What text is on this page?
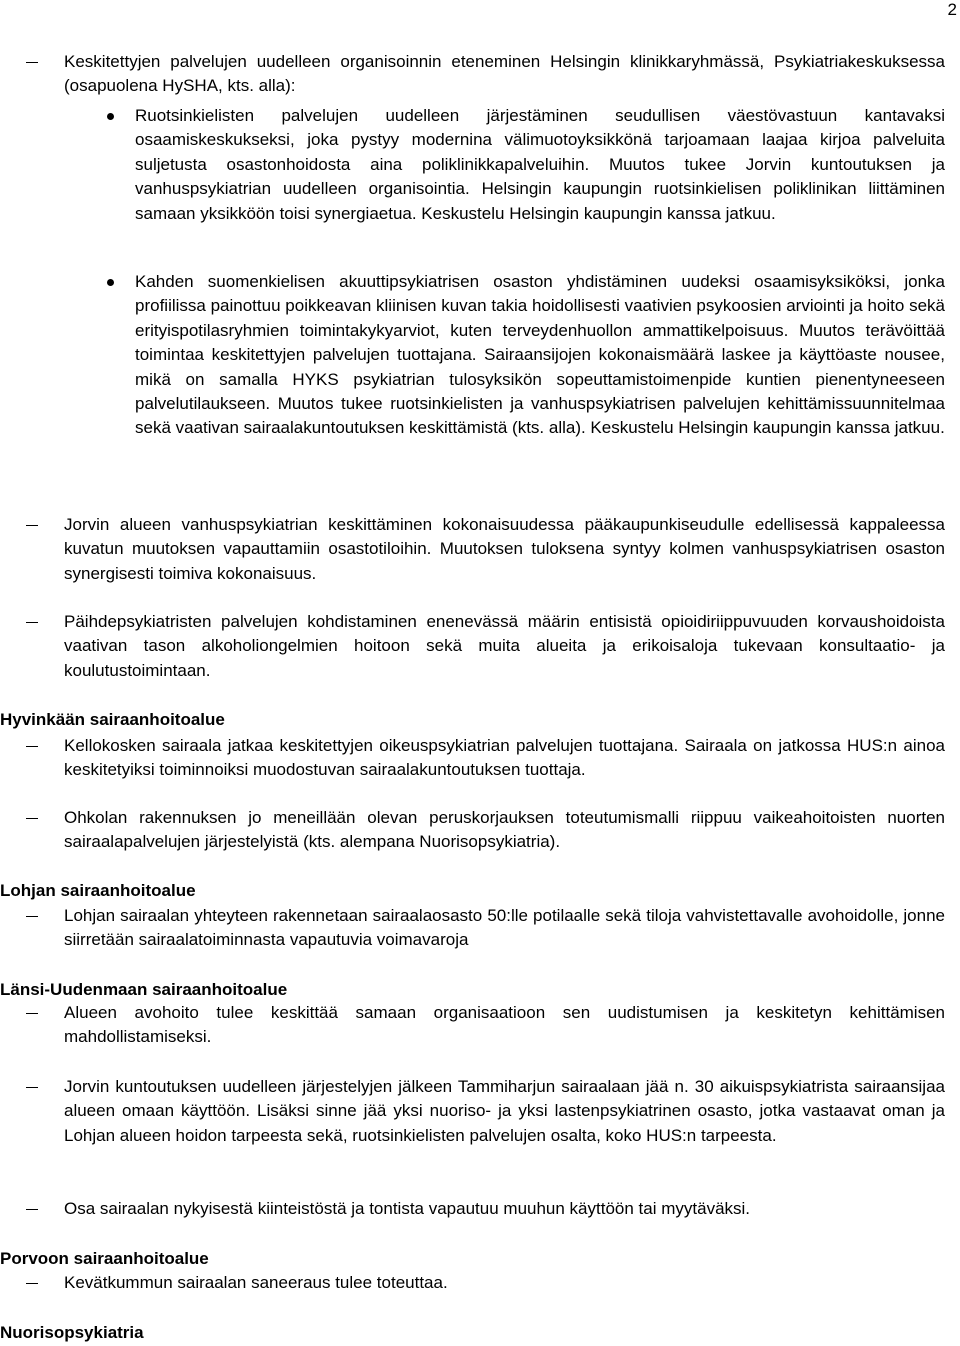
2
Keskitettyjen palvelujen uudelleen organisoinnin eteneminen Helsingin klinikkaryhmässä, Psykiatriakeskuksessa (osapuolena HySHA, kts. alla):
Ruotsinkielisten palvelujen uudelleen järjestäminen seudullisen väestövastuun kantavaksi osaamiskeskukseksi, joka pystyy modernina välimuotoyksikkönä tarjoamaan laajaa kirjoa palveluita suljetusta osastonhoidosta aina poliklinikkapalveluihin. Muutos tukee Jorvin kuntoutuksen ja vanhuspsykiatrian uudelleen organisointia. Helsingin kaupungin ruotsinkielisen poliklinikan liittäminen samaan yksikköön toisi synergiaetua. Keskustelu Helsingin kaupungin kanssa jatkuu.
Kahden suomenkielisen akuuttipsykiatrisen osaston yhdistäminen uudeksi osaamisyksiköksi, jonka profiilissa painottuu poikkeavan kliinisen kuvan takia hoidollisesti vaativien psykoosien arviointi ja hoito sekä erityispotilasryhmien toimintakykyarviot, kuten terveydenhuollon ammattikelpoisuus. Muutos terävöittää toimintaa keskitettyjen palvelujen tuottajana. Sairaansijojen kokonaismäärä laskee ja käyttöaste nousee, mikä on samalla HYKS psykiatrian tulosyksikön sopeuttamistoimenpide kuntien pienentyneeseen palvelutilaukseen. Muutos tukee ruotsinkielisten ja vanhuspsykiatrisen palvelujen kehittämissuunnitelmaa sekä vaativan sairaalakuntoutuksen keskittämistä (kts. alla). Keskustelu Helsingin kaupungin kanssa jatkuu.
Jorvin alueen vanhuspsykiatrian keskittäminen kokonaisuudessa pääkaupunkiseudulle edellisessä kappaleessa kuvatun muutoksen vapauttamiin osastotiloihin. Muutoksen tuloksena syntyy kolmen vanhuspsykiatrisen osaston synergisesti toimiva kokonaisuus.
Päihdepsykiatristen palvelujen kohdistaminen enenevässä määrin entisistä opioidiriippuvuuden korvaushoidoista vaativan tason alkoholiongelmien hoitoon sekä muita alueita ja erikoisaloja tukevaan konsultaatio- ja koulutustoimintaan.
Hyvinkään sairaanhoitoalue
Kellokosken sairaala jatkaa keskitettyjen oikeuspsykiatrian palvelujen tuottajana. Sairaala on jatkossa HUS:n ainoa keskitetyiksi toiminnoiksi muodostuvan sairaalakuntoutuksen tuottaja.
Ohkolan rakennuksen jo meneillään olevan peruskorjauksen toteutumismalli riippuu vaikeahoitoisten nuorten sairaalapalvelujen järjestelyistä (kts. alempana Nuorisopsykiatria).
Lohjan sairaanhoitoalue
Lohjan sairaalan yhteyteen rakennetaan sairaalaosasto 50:lle potilaalle sekä tiloja vahvistettavalle avohoidolle, jonne siirretään sairaalatoiminnasta vapautuvia voimavaroja
Länsi-Uudenmaan sairaanhoitoalue
Alueen avohoito tulee keskittää samaan organisaatioon sen uudistumisen ja keskitetyn kehittämisen mahdollistamiseksi.
Jorvin kuntoutuksen uudelleen järjestelyjen jälkeen Tammiharjun sairaalaan jää n. 30 aikuispsykiatrista sairaansijaa alueen omaan käyttöön. Lisäksi sinne jää yksi nuoriso- ja yksi lastenpsykiatrinen osasto, jotka vastaavat oman ja Lohjan alueen hoidon tarpeesta sekä, ruotsinkielisten palvelujen osalta, koko HUS:n tarpeesta.
Osa sairaalan nykyisestä kiinteistöstä ja tontista vapautuu muuhun käyttöön tai myytäväksi.
Porvoon sairaanhoitoalue
Kevätkummun sairaalan saneeraus tulee toteuttaa.
Nuorisopsykiatria
